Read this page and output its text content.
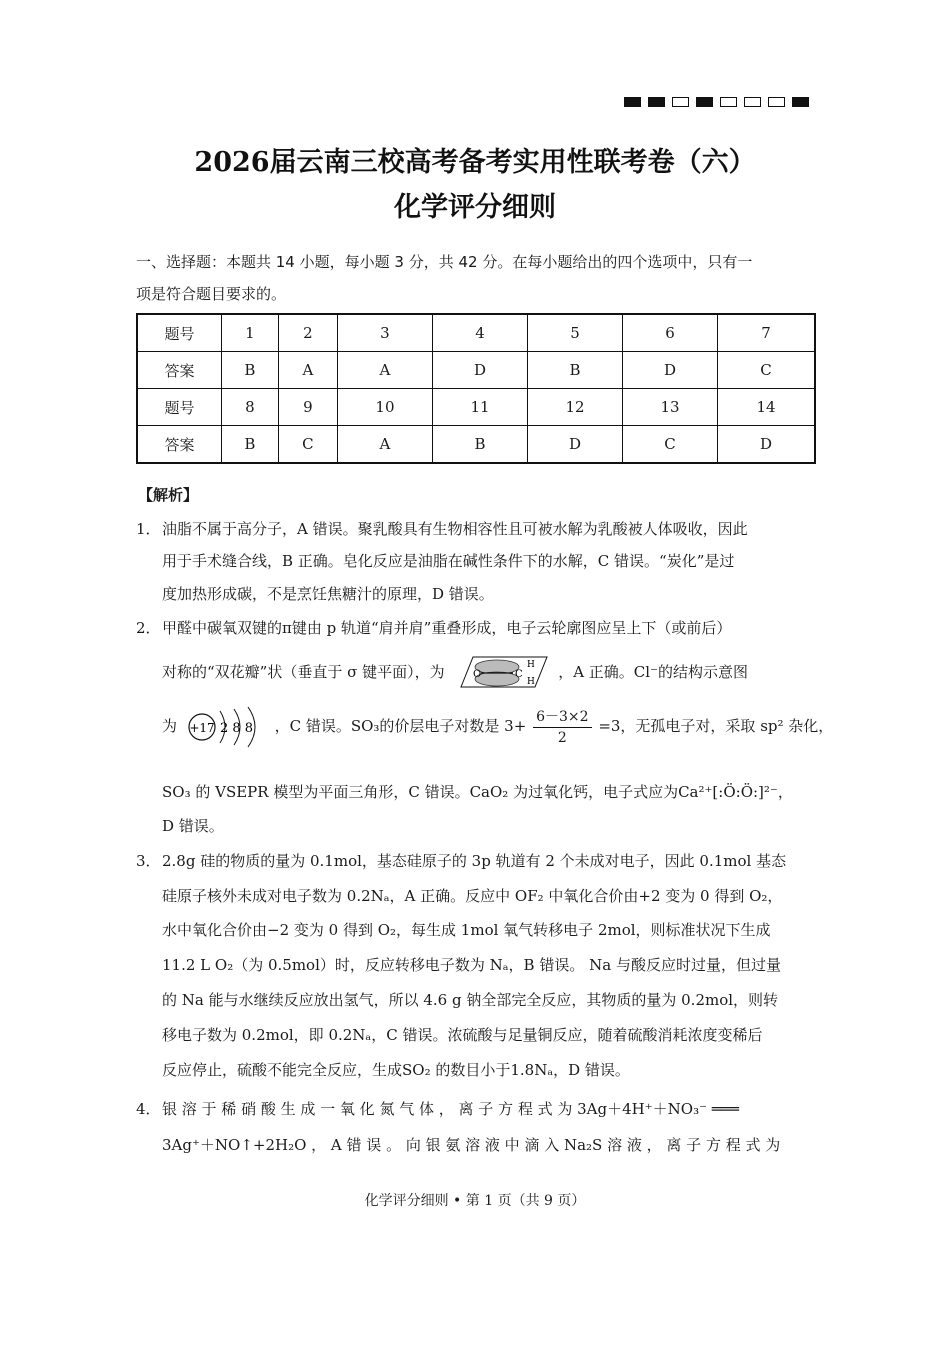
2026届云南三校高考备考实用性联考卷（六）
化学评分细则
一、选择题：本题共 14 小题，每小题 3 分，共 42 分。在每小题给出的四个选项中，只有一
项是符合题目要求的。
题号	1	2	3	4	5	6	7
答案	B	A	A	D	B	D	C
题号	8	9	10	11	12	13	14
答案	B	C	A	B	D	C	D
【解析】
1． 油脂不属于高分子，A 错误。聚乳酸具有生物相容性且可被水解为乳酸被人体吸收，因此
用于手术缝合线，B 正确。皂化反应是油脂在碱性条件下的水解，C 错误。“炭化”是过
度加热形成碳，不是烹饪焦糖汁的原理，D 错误。
2． 甲醛中碳氧双键的π键由 p 轨道“肩并肩”重叠形成，电子云轮廓图应呈上下（或前后）
对称的“双花瓣”状（垂直于 σ 键平面），为	O	C
H
H
，A 正确。Cl⁻的结构示意图
为 +17 2 8 8 ，C 错误。SO₃的价层电子对数是 $3+ \frac{6-3\times 2}{2} =3$，无孤电子对，采取 sp² 杂化，
SO₃ 的 VSEPR 模型为平面三角形，C 错误。CaO₂ 为过氧化钙，电子式应为Ca²⁺[:Ö:Ö:]²⁻，
D 错误。
3． 2.8g 硅的物质的量为 0.1mol，基态硅原子的 3p 轨道有 2 个未成对电子，因此 0.1mol 基态
硅原子核外未成对电子数为 0.2Nₐ，A 正确。反应中 OF₂ 中氧化合价由+2 变为 0 得到 O₂，
水中氧化合价由−2 变为 0 得到 O₂，每生成 1mol 氧气转移电子 2mol，则标准状况下生成
11.2 L O₂（为 0.5mol）时，反应转移电子数为 Nₐ，B 错误。 Na 与酸反应时过量，但过量
的 Na 能与水继续反应放出氢气，所以 4.6 g 钠全部完全反应，其物质的量为 0.2mol，则转
移电子数为 0.2mol，即 0.2Nₐ，C 错误。浓硫酸与足量铜反应，随着硫酸消耗浓度变稀后
反应停止，硫酸不能完全反应，生成SO₂ 的数目小于1.8Nₐ，D 错误。
4． 银 溶 于 稀 硝 酸 生 成 一 氧 化 氮 气 体 ， 离 子 方 程 式 为 3Ag＋4H⁺＋NO₃⁻ ═══
3Ag⁺＋NO↑+2H₂O ， A 错 误 。 向 银 氨 溶 液 中 滴 入 Na₂S 溶 液 ， 离 子 方 程 式 为
化学评分细则 • 第 1 页（共 9 页）
